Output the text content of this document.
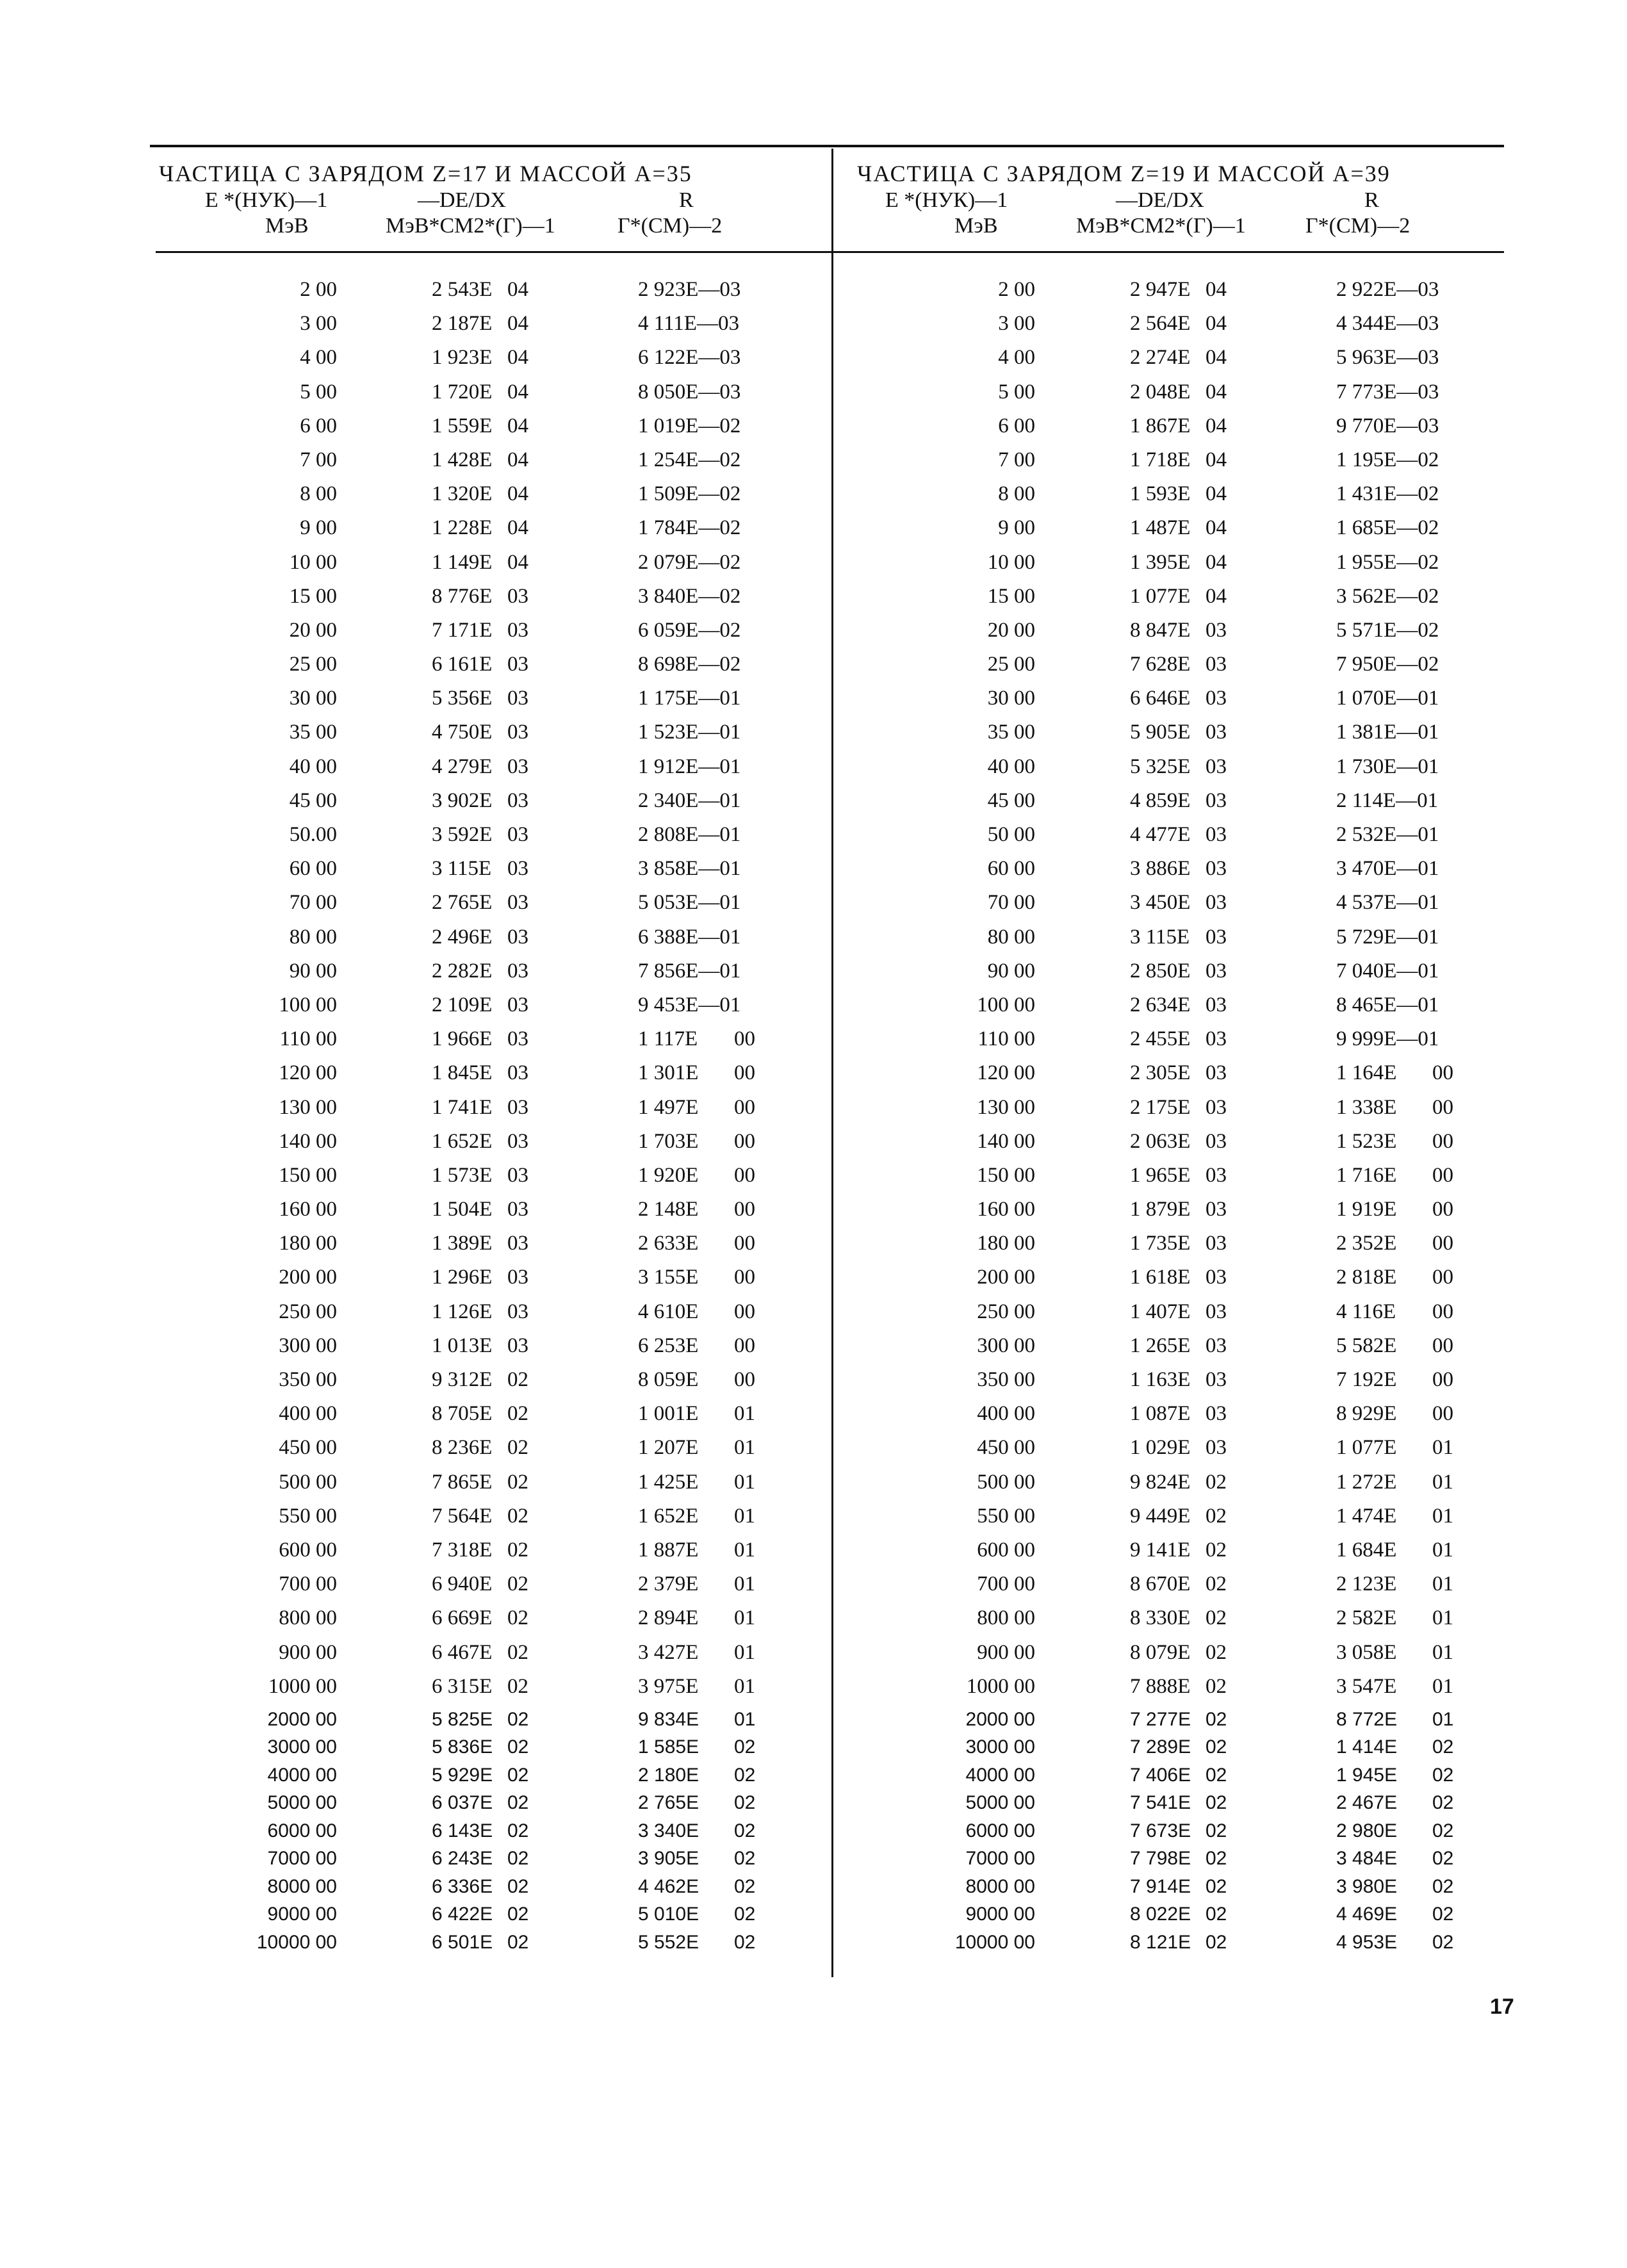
ЧАСТИЦА С ЗАРЯДОМ Z=17 И МАССОЙ А=35
Е *(НУК)—1	—DE/DX	R
МэВ	МэВ*СМ2*(Г)—1	Г*(СМ)—2
2 00	2 543E 04	2 923E—03
3 00	2 187E 04	4 111E—03
4 00	1 923E 04	6 122E—03
5 00	1 720E 04	8 050E—03
6 00	1 559E 04	1 019E—02
7 00	1 428E 04	1 254E—02
8 00	1 320E 04	1 509E—02
9 00	1 228E 04	1 784E—02
10 00	1 149E 04	2 079E—02
15 00	8 776E 03	3 840E—02
20 00	7 171E 03	6 059E—02
25 00	6 161E 03	8 698E—02
30 00	5 356E 03	1 175E—01
35 00	4 750E 03	1 523E—01
40 00	4 279E 03	1 912E—01
45 00	3 902E 03	2 340E—01
50.00	3 592E 03	2 808E—01
60 00	3 115E 03	3 858E—01
70 00	2 765E 03	5 053E—01
80 00	2 496E 03	6 388E—01
90 00	2 282E 03	7 856E—01
100 00	2 109E 03	9 453E—01
110 00	1 966E 03	1 117E 00
120 00	1 845E 03	1 301E 00
130 00	1 741E 03	1 497E 00
140 00	1 652E 03	1 703E 00
150 00	1 573E 03	1 920E 00
160 00	1 504E 03	2 148E 00
180 00	1 389E 03	2 633E 00
200 00	1 296E 03	3 155E 00
250 00	1 126E 03	4 610E 00
300 00	1 013E 03	6 253E 00
350 00	9 312E 02	8 059E 00
400 00	8 705E 02	1 001E 01
450 00	8 236E 02	1 207E 01
500 00	7 865E 02	1 425E 01
550 00	7 564E 02	1 652E 01
600 00	7 318E 02	1 887E 01
700 00	6 940E 02	2 379E 01
800 00	6 669E 02	2 894E 01
900 00	6 467E 02	3 427E 01
1000 00	6 315E 02	3 975E 01
2000 00	5 825E 02	9 834E 01
3000 00	5 836E 02	1 585E 02
4000 00	5 929E 02	2 180E 02
5000 00	6 037E 02	2 765E 02
6000 00	6 143E 02	3 340E 02
7000 00	6 243E 02	3 905E 02
8000 00	6 336E 02	4 462E 02
9000 00	6 422E 02	5 010E 02
10000 00	6 501E 02	5 552E 02
ЧАСТИЦА С ЗАРЯДОМ Z=19 И МАССОЙ А=39
Е *(НУК)—1	—DE/DX	R
МэВ	МэВ*СМ2*(Г)—1	Г*(СМ)—2
2 00	2 947E 04	2 922E—03
3 00	2 564E 04	4 344E—03
4 00	2 274E 04	5 963E—03
5 00	2 048E 04	7 773E—03
6 00	1 867E 04	9 770E—03
7 00	1 718E 04	1 195E—02
8 00	1 593E 04	1 431E—02
9 00	1 487E 04	1 685E—02
10 00	1 395E 04	1 955E—02
15 00	1 077E 04	3 562E—02
20 00	8 847E 03	5 571E—02
25 00	7 628E 03	7 950E—02
30 00	6 646E 03	1 070E—01
35 00	5 905E 03	1 381E—01
40 00	5 325E 03	1 730E—01
45 00	4 859E 03	2 114E—01
50 00	4 477E 03	2 532E—01
60 00	3 886E 03	3 470E—01
70 00	3 450E 03	4 537E—01
80 00	3 115E 03	5 729E—01
90 00	2 850E 03	7 040E—01
100 00	2 634E 03	8 465E—01
110 00	2 455E 03	9 999E—01
120 00	2 305E 03	1 164E 00
130 00	2 175E 03	1 338E 00
140 00	2 063E 03	1 523E 00
150 00	1 965E 03	1 716E 00
160 00	1 879E 03	1 919E 00
180 00	1 735E 03	2 352E 00
200 00	1 618E 03	2 818E 00
250 00	1 407E 03	4 116E 00
300 00	1 265E 03	5 582E 00
350 00	1 163E 03	7 192E 00
400 00	1 087E 03	8 929E 00
450 00	1 029E 03	1 077E 01
500 00	9 824E 02	1 272E 01
550 00	9 449E 02	1 474E 01
600 00	9 141E 02	1 684E 01
700 00	8 670E 02	2 123E 01
800 00	8 330E 02	2 582E 01
900 00	8 079E 02	3 058E 01
1000 00	7 888E 02	3 547E 01
2000 00	7 277E 02	8 772E 01
3000 00	7 289E 02	1 414E 02
4000 00	7 406E 02	1 945E 02
5000 00	7 541E 02	2 467E 02
6000 00	7 673E 02	2 980E 02
7000 00	7 798E 02	3 484E 02
8000 00	7 914E 02	3 980E 02
9000 00	8 022E 02	4 469E 02
10000 00	8 121E 02	4 953E 02
17
